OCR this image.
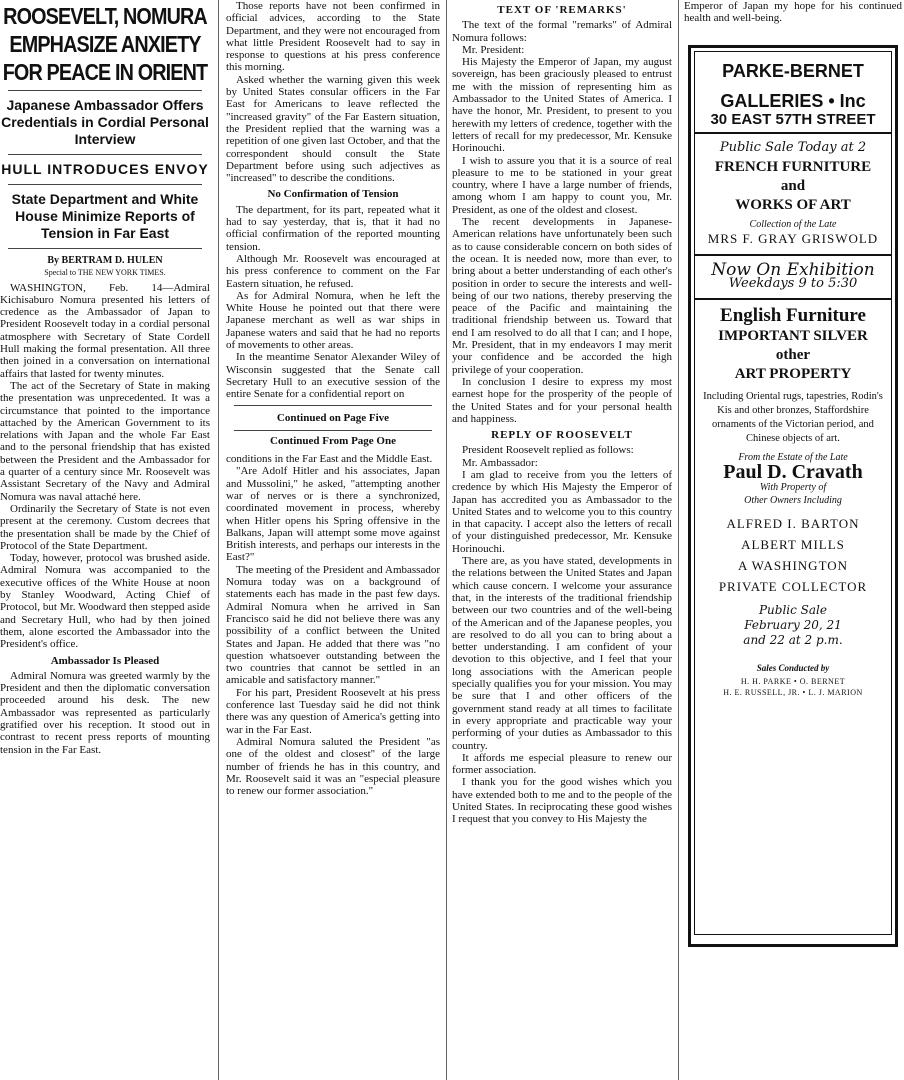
ROOSEVELT, NOMURA
EMPHASIZE ANXIETY
FOR PEACE IN ORIENT
Japanese Ambassador Offers Credentials in Cordial Personal Interview
HULL INTRODUCES ENVOY
State Department and White House Minimize Reports of Tension in Far East
By BERTRAM D. HULEN
Special to THE NEW YORK TIMES.

WASHINGTON, Feb. 14—Admiral Kichisaburo Nomura presented his letters of credence as the Ambassador of Japan to President Roosevelt today in a cordial personal atmosphere with Secretary of State Cordell Hull making the formal presentation. All three then joined in a conversation on international affairs that lasted for twenty minutes.

The act of the Secretary of State in making the presentation was unprecedented. It was a circumstance that pointed to the importance attached by the American Government to its relations with Japan and the whole Far East and to the personal friendship that has existed between the President and the Ambassador for a quarter of a century since Mr. Roosevelt was Assistant Secretary of the Navy and Admiral Nomura was naval attaché here.

Ordinarily the Secretary of State is not even present at the ceremony. Custom decrees that the presentation shall be made by the Chief of Protocol of the State Department.

Today, however, protocol was brushed aside. Admiral Nomura was accompanied to the executive offices of the White House at noon by Stanley Woodward, Acting Chief of Protocol, but Mr. Woodward then stepped aside and Secretary Hull, who had by then joined them, alone escorted the Ambassador into the President's office.

Ambassador Is Pleased

Admiral Nomura was greeted warmly by the President and then the diplomatic conversation proceeded around his desk. The new Ambassador was represented as particularly gratified over his reception. It stood out in contrast to recent press reports of mounting tension in the Far East.

Those reports have not been confirmed in official advices, according to the State Department, and they were not encouraged from what little President Roosevelt had to say in response to questions at his press conference this morning.

Asked whether the warning given this week by United States consular officers in the Far East for Americans to leave reflected the "increased gravity" of the Far Eastern situation, the President replied that the warning was a repetition of one given last October, and that the correspondent should consult the State Department before using such adjectives as "increased" to describe the conditions.

No Confirmation of Tension

The department, for its part, repeated what it had to say yesterday, that is, that it had no official confirmation of the reported mounting tension.

Although Mr. Roosevelt was encouraged at his press conference to comment on the Far Eastern situation, he refused.

As for Admiral Nomura, when he left the White House he pointed out that there were Japanese merchant as well as war ships in Japanese waters and said that he had no reports of movements to other areas.

In the meantime Senator Alexander Wiley of Wisconsin suggested that the Senate call Secretary Hull to an executive session of the entire Senate for a confidential report on

Continued on Page Five
Continued From Page One

conditions in the Far East and the Middle East.

"Are Adolf Hitler and his associates, Japan and Mussolini," he asked, "attempting another war of nerves or is there a synchronized, coordinated movement in process, whereby when Hitler opens his Spring offensive in the Balkans, Japan will attempt some move against British interests, and perhaps our interests in the East?"

The meeting of the President and Ambassador Nomura today was on a background of statements each has made in the past few days. Admiral Nomura when he arrived in San Francisco said he did not believe there was any possibility of a conflict between the United States and Japan. He added that there was "no question whatsoever outstanding between the two countries that cannot be settled in an amicable and satisfactory manner."

For his part, President Roosevelt at his press conference last Tuesday said he did not think there was any question of America's getting into war in the Far East.

Admiral Nomura saluted the President "as one of the oldest and closest" of the large number of friends he has in this country, and Mr. Roosevelt said it was an "especial pleasure to renew our former association."

TEXT OF 'REMARKS'

The text of the formal "remarks" of Admiral Nomura follows:

Mr. President:

His Majesty the Emperor of Japan, my august sovereign, has been graciously pleased to entrust me with the mission of representing him as Ambassador to the United States of America. I have the honor, Mr. President, to present to you herewith my letters of credence, together with the letters of recall for my predecessor, Mr. Kensuke Horinouchi.

I wish to assure you that it is a source of real pleasure to me to be stationed in your great country, where I have a large number of friends, among whom I am happy to count you, Mr. President, as one of the oldest and closest.

The recent developments in Japanese-American relations have unfortunately been such as to cause considerable concern on both sides of the ocean. It is needed now, more than ever, to bring about a better understanding of each other's position in order to secure the interests and well-being of our two nations, thereby preserving the peace of the Pacific and maintaining the traditional friendship between us. Toward that end I am resolved to do all that I can; and I hope, Mr. President, that in my endeavors I may merit your confidence and be accorded the high privilege of your cooperation.

In conclusion I desire to express my most earnest hope for the prosperity of the people of the United States and for your personal health and happiness.

REPLY OF ROOSEVELT

President Roosevelt replied as follows:

Mr. Ambassador:

I am glad to receive from you the letters of credence by which His Majesty the Emperor of Japan has accredited you as Ambassador to the United States and to welcome you to this country in that capacity. I accept also the letters of recall of your distinguished predecessor, Mr. Kensuke Horinouchi.

There are, as you have stated, developments in the relations between the United States and Japan which cause concern. I welcome your assurance that, in the interests of the traditional friendship between our two countries and of the well-being of the American and of the Japanese peoples, you are resolved to do all you can to bring about a better understanding. I am confident of your devotion to this objective, and I feel that your long associations with the American people specially qualifies you for your mission. You may be sure that I and other officers of the government stand ready at all times to facilitate in every appropriate and practicable way your performing of your duties as Ambassador to this country.

It affords me especial pleasure to renew our former association.

I thank you for the good wishes which you have extended both to me and to the people of the United States. In reciprocating these good wishes I request that you convey to His Majesty the

Emperor of Japan my hope for his continued health and well-being.

PARKE-BERNET
GALLERIES • Inc
30 EAST 57TH STREET
Public Sale Today at 2
FRENCH FURNITURE
and
WORKS OF ART
Collection of the Late
MRS F. GRAY GRISWOLD
Now On Exhibition
Weekdays 9 to 5:30
English Furniture
IMPORTANT SILVER
other
ART PROPERTY
Including Oriental rugs, tapestries, Rodin's Kis and other bronzes, Staffordshire ornaments of the Victorian period, and Chinese objects of art.
From the Estate of the Late
Paul D. Cravath
With Property of
Other Owners Including
ALFRED I. BARTON
ALBERT MILLS
A WASHINGTON
PRIVATE COLLECTOR
Public Sale
February 20, 21
and 22 at 2 p.m.
Sales Conducted by
H. H. PARKE • O. BERNET
H. E. RUSSELL, JR. • L. J. MARION
